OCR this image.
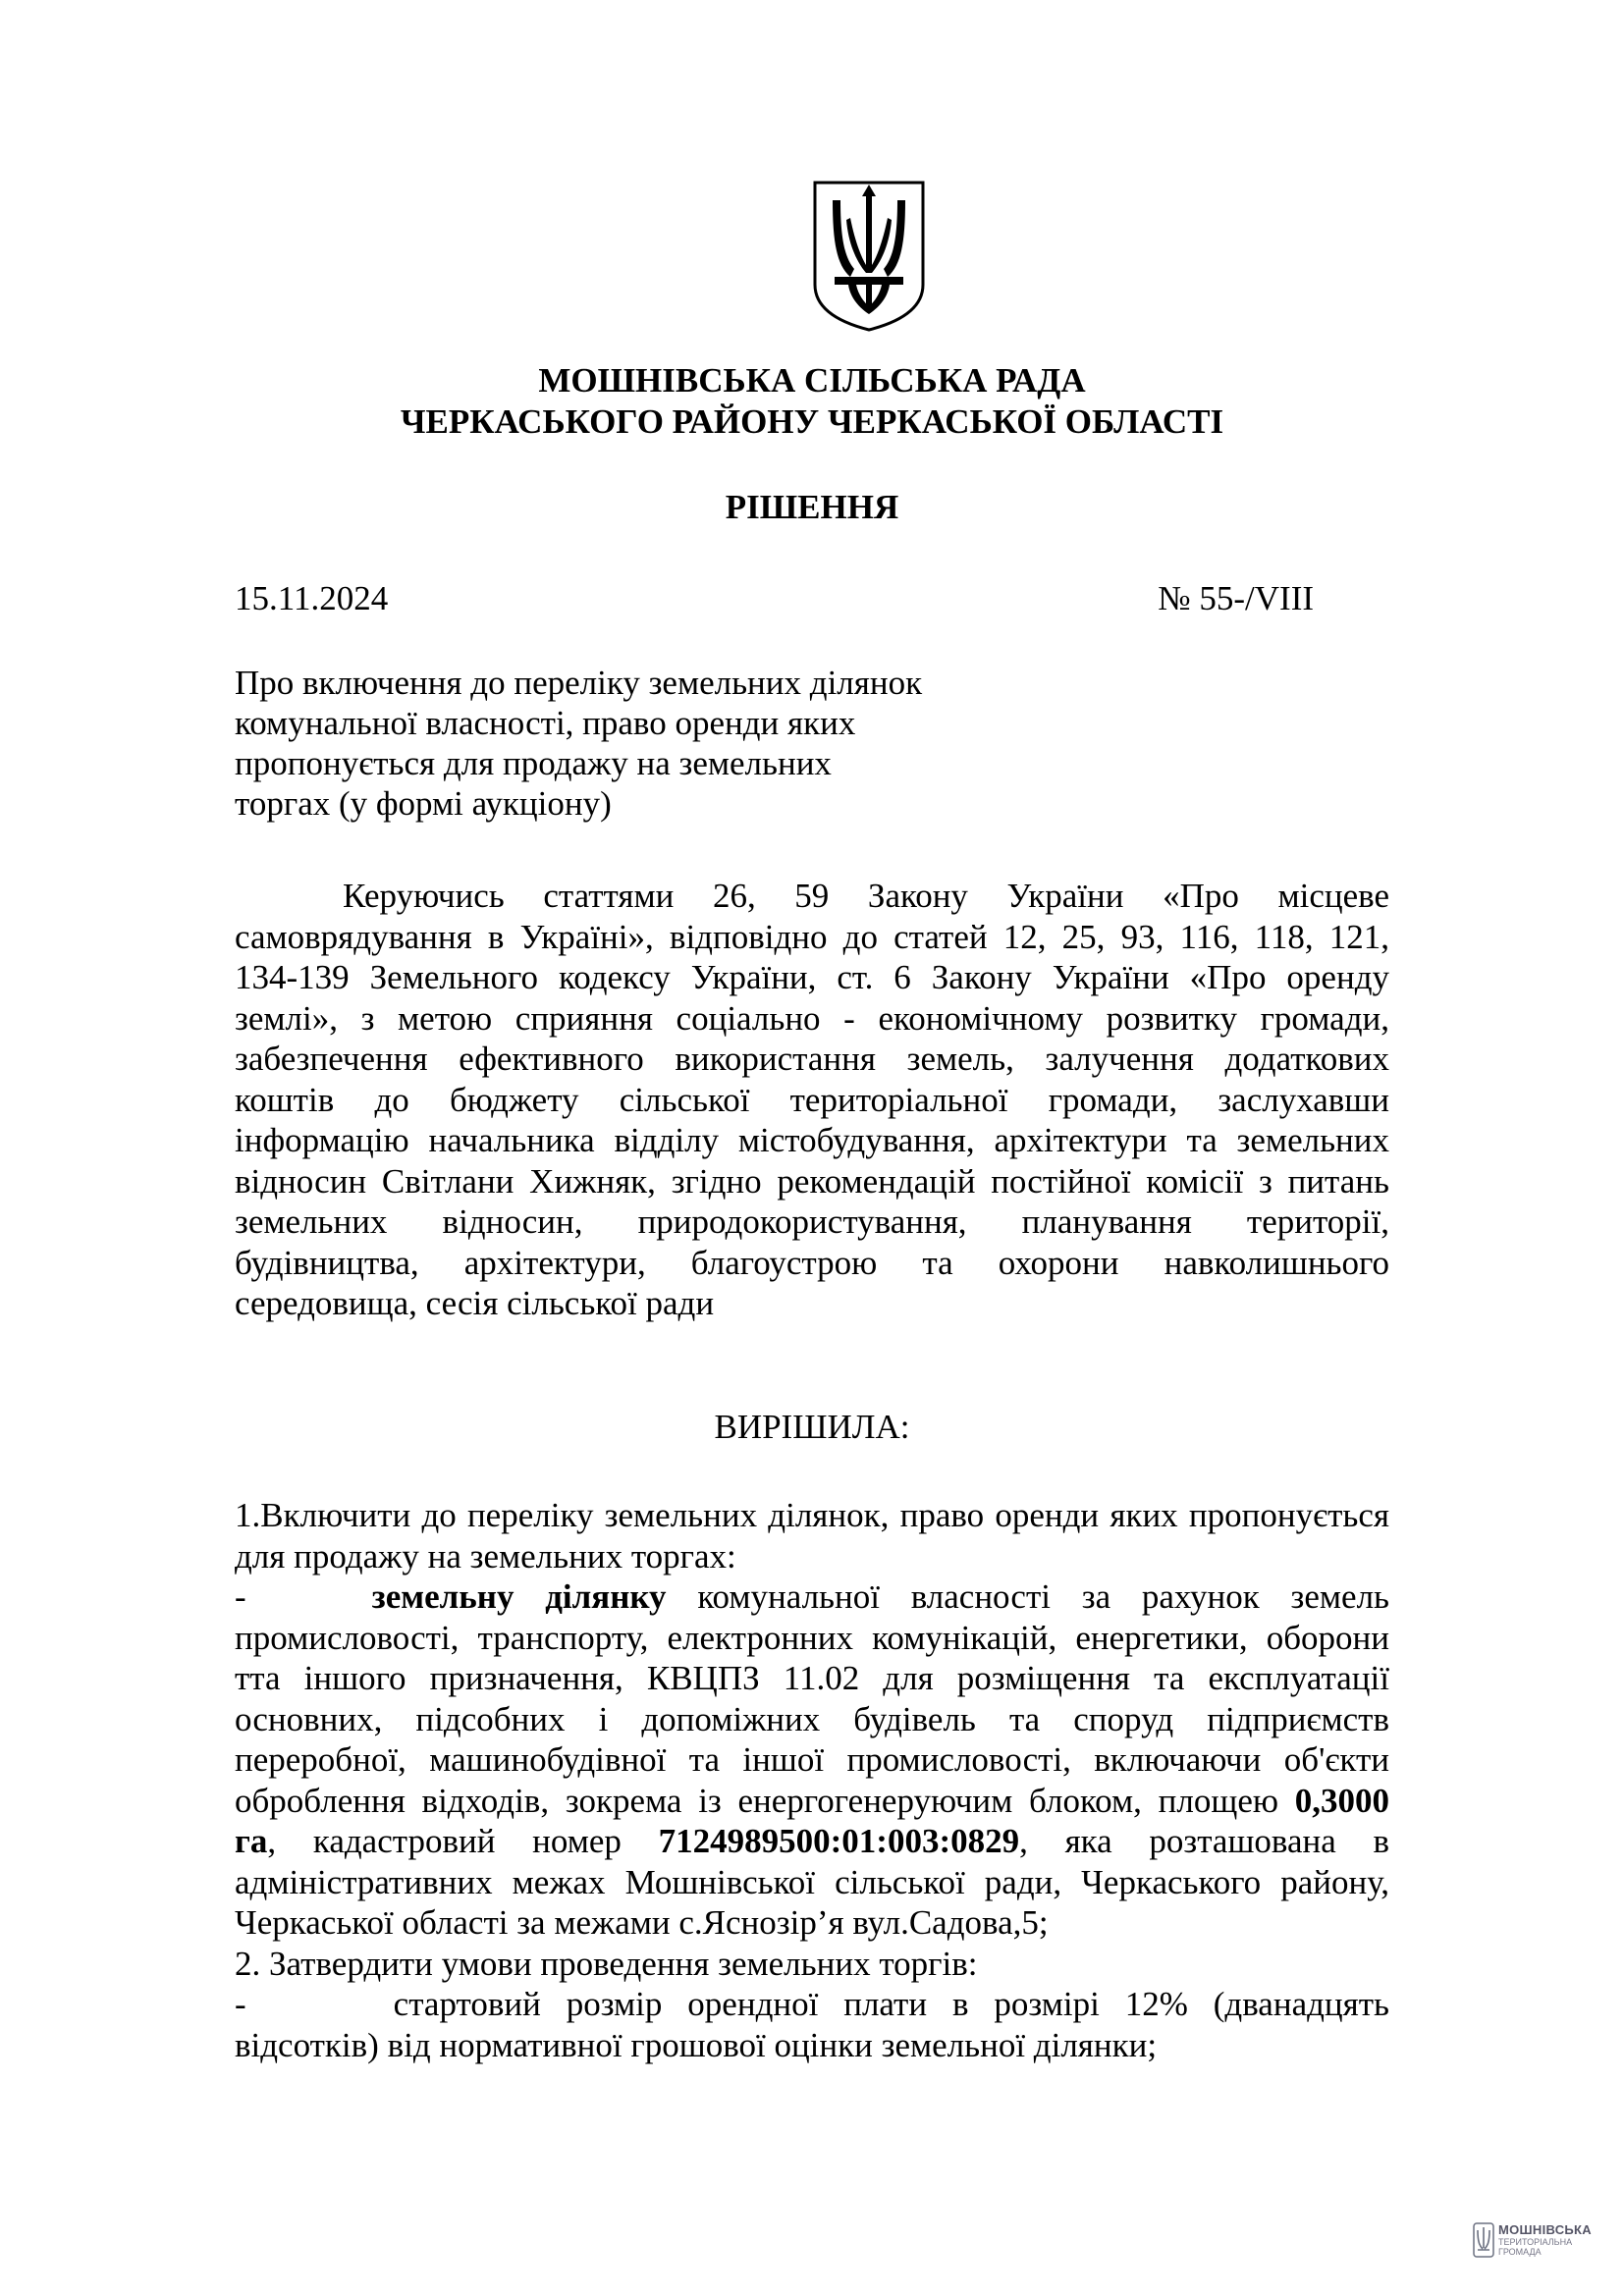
МОШНІВСЬКА СІЛЬСЬКА РАДА
ЧЕРКАСЬКОГО РАЙОНУ ЧЕРКАСЬКОЇ ОБЛАСТІ
РІШЕННЯ
15.11.2024	№ 55-/VIII
Про включення до переліку земельних ділянок
комунальної власності, право оренди яких
пропонується для продажу на земельних
торгах (у формі аукціону)
Керуючись статтями 26, 59 Закону України «Про місцеве
самоврядування в Україні», відповідно до статей 12, 25, 93, 116, 118, 121,
134-139 Земельного кодексу України, ст. 6 Закону України «Про оренду
землі», з метою сприяння соціально - економічному розвитку громади,
забезпечення ефективного використання земель, залучення додаткових
коштів до бюджету сільської територіальної громади, заслухавши
інформацію начальника відділу містобудування, архітектури та земельних
відносин Світлани Хижняк, згідно рекомендацій постійної комісії з питань
земельних відносин, природокористування, планування території,
будівництва, архітектури, благоустрою та охорони навколишнього
середовища, сесія сільської ради
ВИРІШИЛА:
1.Включити до переліку земельних ділянок, право оренди яких пропонується
для продажу на земельних торгах:
-	земельну ділянку комунальної власності за рахунок земель
промисловості, транспорту, електронних комунікацій, енергетики, оборони
тта іншого призначення, КВЦПЗ 11.02 для розміщення та експлуатації
основних, підсобних і допоміжних будівель та споруд підприємств
переробної, машинобудівної та іншої промисловості, включаючи об'єкти
оброблення відходів, зокрема із енергогенеруючим блоком, площею 0,3000
га, кадастровий номер 7124989500:01:003:0829, яка розташована в
адміністративних межах Мошнівської сільської ради, Черкаського району,
Черкаської області за межами с.Яснозір’я вул.Садова,5;
2. Затвердити умови проведення земельних торгів:
-	стартовий розмір орендної плати в розмірі 12% (дванадцять
відсотків) від нормативної грошової оцінки земельної ділянки;
МОШНІВСЬКА
ТЕРИТОРІАЛЬНА
ГРОМАДА
